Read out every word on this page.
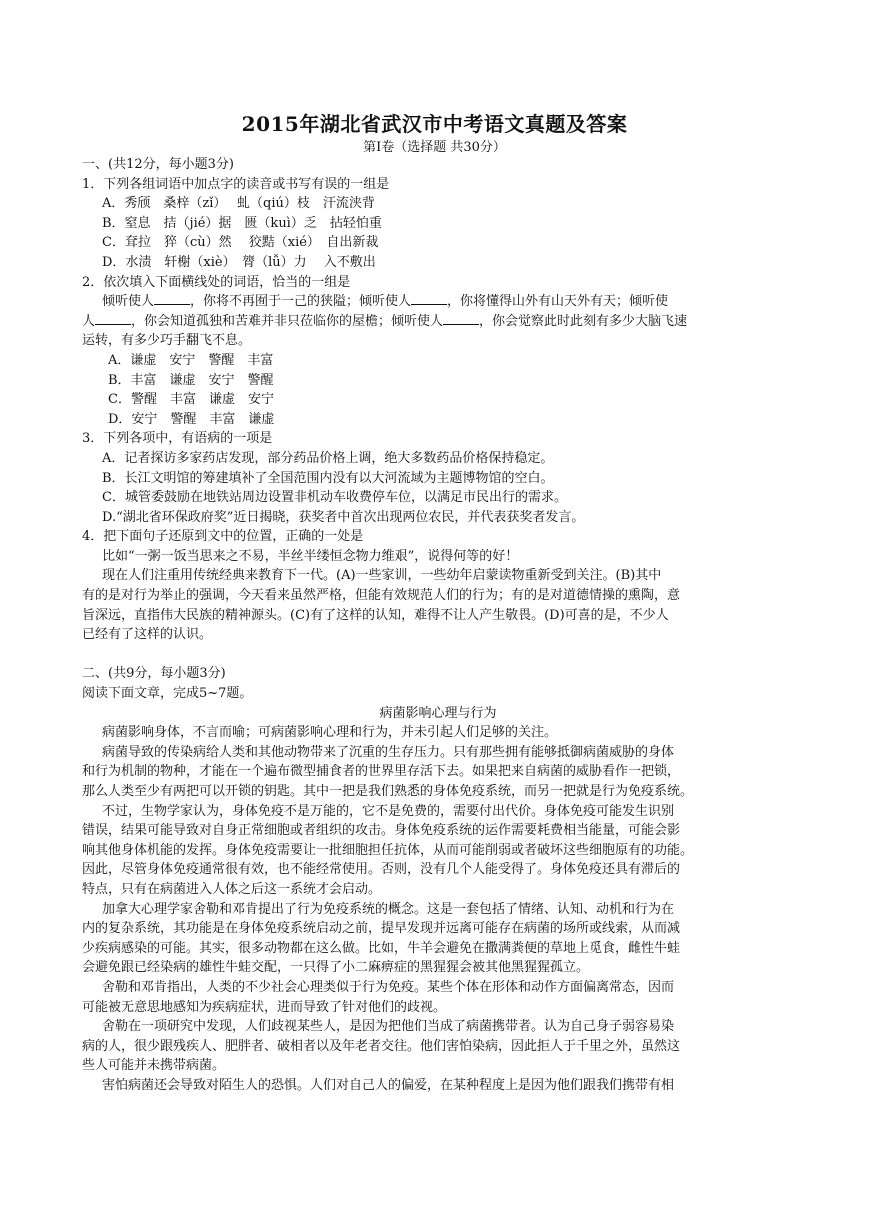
2015年湖北省武汉市中考语文真题及答案
第Ⅰ卷（选择题 共30分）
一、(共12分，每小题3分)
1．下列各组词语中加点字的读音或书写有误的一组是
A．秀颀　桑梓（zǐ）　 虬（qiú）枝　汗流浃背
B．窒息　拮（jié）据　匮（kuì）乏　拈轻怕重
C．耷拉　猝（cù）然　 狡黠（xié）　自出新裁
D．水渍　轩榭（xiè）　膂（lǚ）力　 入不敷出
2．依次填入下面横线处的词语，恰当的一组是
倾听使人	，你将不再囿于一己的狭隘；倾听使人	，你将懂得山外有山天外有天；倾听使
人	，你会知道孤独和苦难并非只莅临你的屋檐；倾听使人	，你会觉察此时此刻有多少大脑飞速
运转，有多少巧手翻飞不息。
A．谦虚　安宁　警醒　丰富
B．丰富　谦虚　安宁　警醒
C．警醒　丰富　谦虚　安宁
D．安宁　警醒　丰富　谦虚
3．下列各项中，有语病的一项是
A．记者探访多家药店发现，部分药品价格上调，绝大多数药品价格保持稳定。
B．长江文明馆的筹建填补了全国范围内没有以大河流域为主题博物馆的空白。
C．城管委鼓励在地铁站周边设置非机动车收费停车位，以满足市民出行的需求。
D.“湖北省环保政府奖”近日揭晓，获奖者中首次出现两位农民，并代表获奖者发言。
4．把下面句子还原到文中的位置，正确的一处是
比如“一粥一饭当思来之不易，半丝半缕恒念物力维艰”，说得何等的好！
现在人们注重用传统经典来教育下一代。(A)一些家训，一些幼年启蒙读物重新受到关注。(B)其中
有的是对行为举止的强调，今天看来虽然严格，但能有效规范人们的行为；有的是对道德情操的熏陶，意
旨深远，直指伟大民族的精神源头。(C)有了这样的认知，难得不让人产生敬畏。(D)可喜的是，不少人
已经有了这样的认识。
二、(共9分，每小题3分)
阅读下面文章，完成5~7题。
病菌影响心理与行为
病菌影响身体，不言而喻；可病菌影响心理和行为，并未引起人们足够的关注。
病菌导致的传染病给人类和其他动物带来了沉重的生存压力。只有那些拥有能够抵御病菌威胁的身体
和行为机制的物种，才能在一个遍布微型捕食者的世界里存活下去。如果把来自病菌的威胁看作一把锁，
那么人类至少有两把可以开锁的钥匙。其中一把是我们熟悉的身体免疫系统，而另一把就是行为免疫系统。
不过，生物学家认为，身体免疫不是万能的，它不是免费的，需要付出代价。身体免疫可能发生识别
错误，结果可能导致对自身正常细胞或者组织的攻击。身体免疫系统的运作需要耗费相当能量，可能会影
响其他身体机能的发挥。身体免疫需要让一批细胞担任抗体，从而可能削弱或者破坏这些细胞原有的功能。
因此，尽管身体免疫通常很有效，也不能经常使用。否则，没有几个人能受得了。身体免疫还具有滞后的
特点，只有在病菌进入人体之后这一系统才会启动。
加拿大心理学家舍勒和邓肯提出了行为免疫系统的概念。这是一套包括了情绪、认知、动机和行为在
内的复杂系统，其功能是在身体免疫系统启动之前，提早发现并远离可能存在病菌的场所或线索，从而减
少疾病感染的可能。其实，很多动物都在这么做。比如，牛羊会避免在撒满粪便的草地上觅食，雌性牛蛙
会避免跟已经染病的雄性牛蛙交配，一只得了小二麻痹症的黑猩猩会被其他黑猩猩孤立。
舍勒和邓肯指出，人类的不少社会心理类似于行为免疫。某些个体在形体和动作方面偏离常态，因而
可能被无意思地感知为疾病症状，进而导致了针对他们的歧视。
舍勒在一项研究中发现，人们歧视某些人，是因为把他们当成了病菌携带者。认为自己身子弱容易染
病的人，很少跟残疾人、肥胖者、破相者以及年老者交往。他们害怕染病，因此拒人于千里之外，虽然这
些人可能并未携带病菌。
害怕病菌还会导致对陌生人的恐惧。人们对自己人的偏爱，在某种程度上是因为他们跟我们携带有相
